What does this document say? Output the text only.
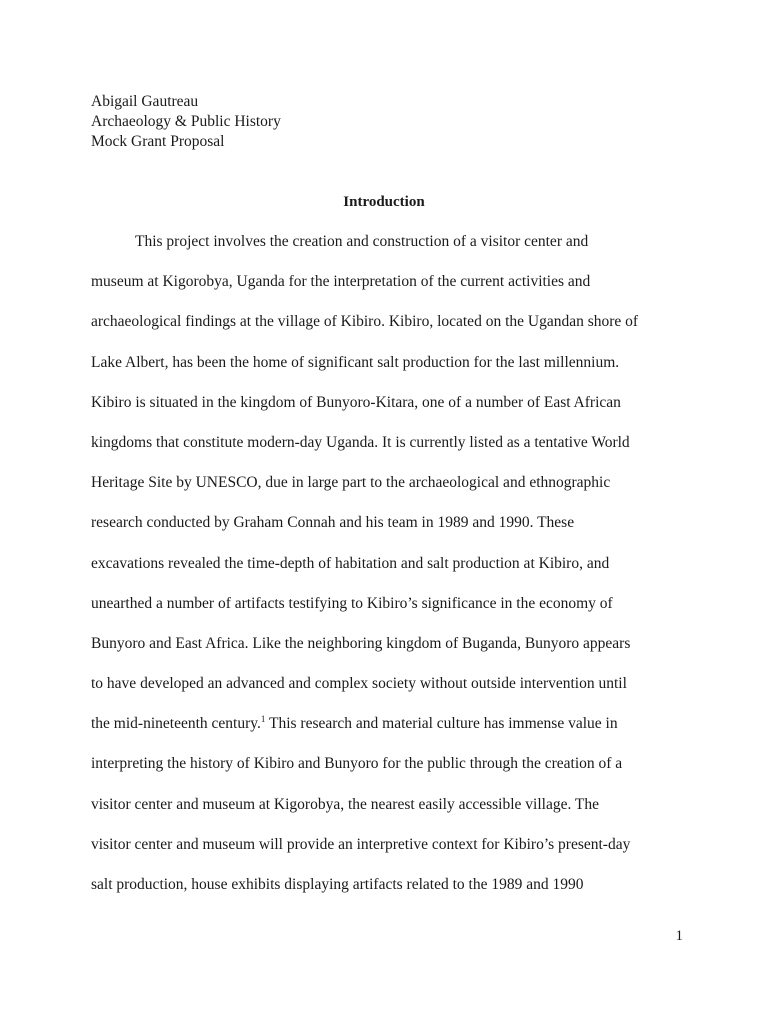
Abigail Gautreau
Archaeology & Public History
Mock Grant Proposal
Introduction
This project involves the creation and construction of a visitor center and
museum at Kigorobya, Uganda for the interpretation of the current activities and
archaeological findings at the village of Kibiro. Kibiro, located on the Ugandan shore of
Lake Albert, has been the home of significant salt production for the last millennium.
Kibiro is situated in the kingdom of Bunyoro-Kitara, one of a number of East African
kingdoms that constitute modern-day Uganda. It is currently listed as a tentative World
Heritage Site by UNESCO, due in large part to the archaeological and ethnographic
research conducted by Graham Connah and his team in 1989 and 1990. These
excavations revealed the time-depth of habitation and salt production at Kibiro, and
unearthed a number of artifacts testifying to Kibiro’s significance in the economy of
Bunyoro and East Africa. Like the neighboring kingdom of Buganda, Bunyoro appears
to have developed an advanced and complex society without outside intervention until
the mid-nineteenth century.$^1$ This research and material culture has immense value in
interpreting the history of Kibiro and Bunyoro for the public through the creation of a
visitor center and museum at Kigorobya, the nearest easily accessible village. The
visitor center and museum will provide an interpretive context for Kibiro’s present-day
salt production, house exhibits displaying artifacts related to the 1989 and 1990
1
